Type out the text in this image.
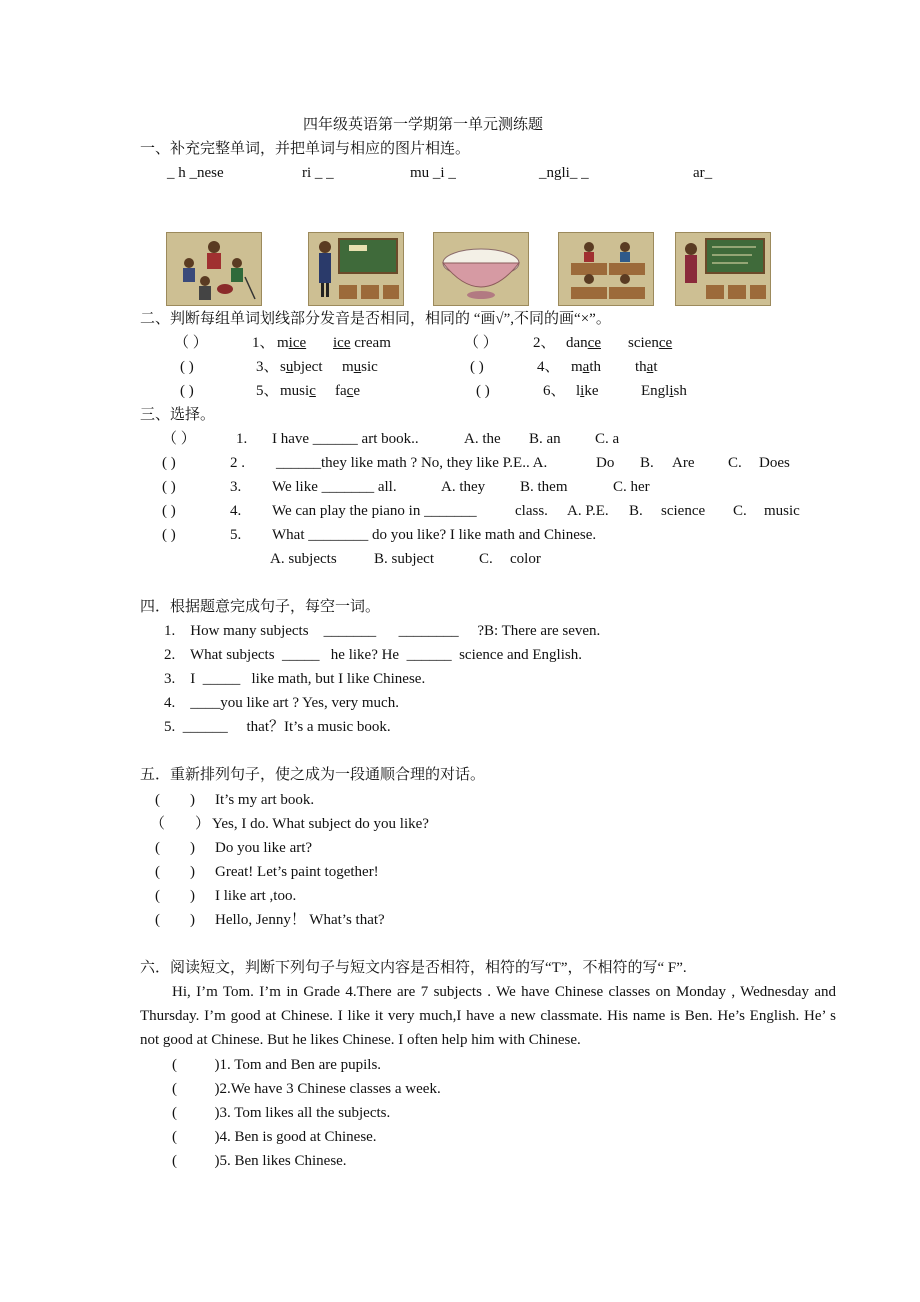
四年级英语第一学期第一单元测练题
一、补充完整单词，并把单词与相应的图片相连。
_ h _nese	ri _ _	mu _i _	_ngli_ _	ar_
二、判断每组单词划线部分发音是否相同，相同的 “画√”,不同的画“×”。
（ ）	1、 mice ice cream	（ ） 2、 dance science
( )	3、 subject music	( )	4、 math that
( )	5、 music face	( )	6、 like	English
三、选择。
（ ）	1. I have ______ art book..	A. the B. an C. a
( )	2 . ______they like math ? No, they like P.E.. A.	Do B. Are C. Does
( )	3. We like _______ all.	A. they B. them	C. her
( )	4. We can play the piano in _______	class. A. P.E. B. science C. music
( )	5. What ________ do you like? I like math and Chinese.
A. subjects B. subject	C. color
四．根据题意完成句子，每空一词。
1.    How many subjects    _______      ________     ?B: There are seven.
2.    What subjects  _____   he like? He  ______  science and English.
3.    I  _____   like math, but I like Chinese.
4.    ____you like art ? Yes, very much.
5.  ______     that？It’s a music book.
五．重新排列句子，使之成为一段通顺合理的对话。
(        ) It’s my art book.
（        ） Yes, I do. What subject do you like?
(        ) Do you like art?
(        ) Great! Let’s paint together!
(        ) I like art ,too.
(        ) Hello, Jenny！ What’s that?
六．阅读短文，判断下列句子与短文内容是否相符，相符的写“T”，不相符的写“ F”.
Hi, I’m Tom. I’m in Grade 4.There are 7 subjects . We have Chinese classes on Monday , Wednesday and Thursday. I’m good at Chinese. I like it very much,I have a new classmate. His name is Ben. He’s English. He’ s not good at Chinese. But he likes Chinese. I often help him with Chinese.
(          )1. Tom and Ben are pupils.
(          )2.We have 3 Chinese classes a week.
(          )3. Tom likes all the subjects.
(          )4. Ben is good at Chinese.
(          )5. Ben likes Chinese.
